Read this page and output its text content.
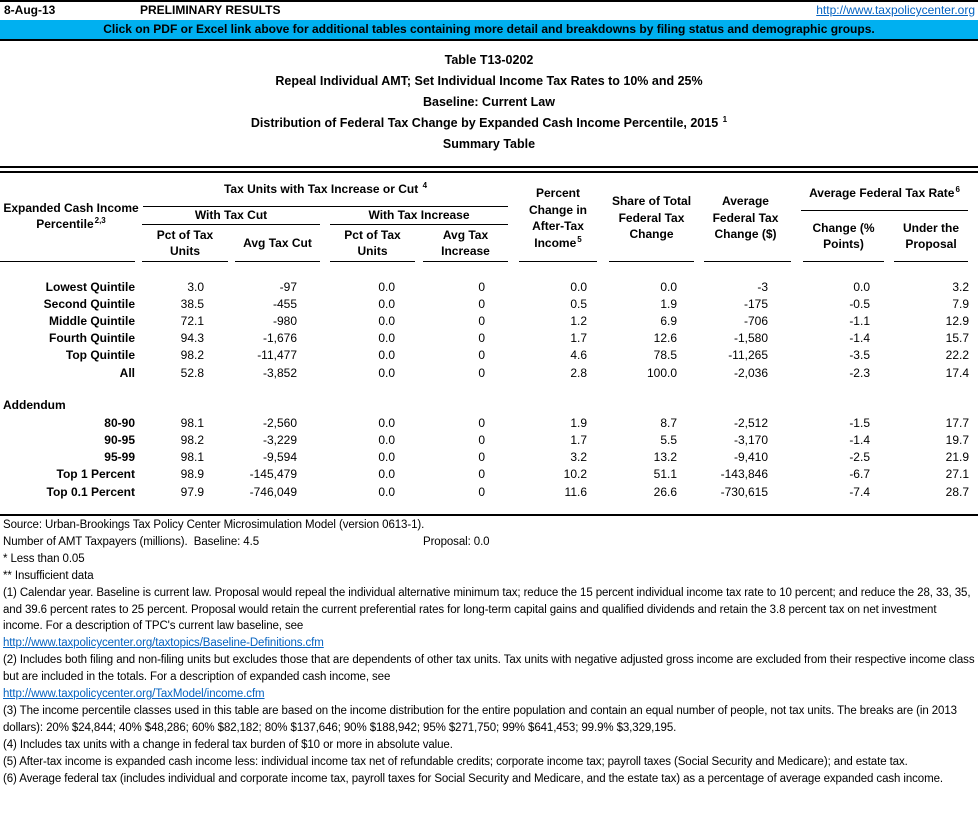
8-Aug-13	PRELIMINARY RESULTS	http://www.taxpolicycenter.org
Click on PDF or Excel link above for additional tables containing more detail and breakdowns by filing status and demographic groups.
Table T13-0202
Repeal Individual AMT; Set Individual Income Tax Rates to 10% and 25%
Baseline: Current Law
Distribution of Federal Tax Change by Expanded Cash Income Percentile, 2015 $^1$
Summary Table
Expanded Cash Income
Percentile$^{2,3}$
Tax Units with Tax Increase or Cut $^4$
With Tax Cut	With Tax Increase
Pct of Tax Units
Avg Tax Cut
Pct of Tax Units
Avg Tax Increase
Percent Change in After-Tax Income$^5$
Share of Total Federal Tax Change
Average Federal Tax Change ($)
Average Federal Tax Rate$^6$
Change (% Points)
Under the Proposal
Lowest Quintile	3.0	-97	0.0	0	0.0	0.0	-3	0.0	3.2
Second Quintile	38.5	-455	0.0	0	0.5	1.9	-175	-0.5	7.9
Middle Quintile	72.1	-980	0.0	0	1.2	6.9	-706	-1.1	12.9
Fourth Quintile	94.3	-1,676	0.0	0	1.7	12.6	-1,580	-1.4	15.7
Top Quintile	98.2	-11,477	0.0	0	4.6	78.5	-11,265	-3.5	22.2
All	52.8	-3,852	0.0	0	2.8	100.0	-2,036	-2.3	17.4
Addendum
80-90	98.1	-2,560	0.0	0	1.9	8.7	-2,512	-1.5	17.7
90-95	98.2	-3,229	0.0	0	1.7	5.5	-3,170	-1.4	19.7
95-99	98.1	-9,594	0.0	0	3.2	13.2	-9,410	-2.5	21.9
Top 1 Percent	98.9	-145,479	0.0	0	10.2	51.1	-143,846	-6.7	27.1
Top 0.1 Percent	97.9	-746,049	0.0	0	11.6	26.6	-730,615	-7.4	28.7
Source: Urban-Brookings Tax Policy Center Microsimulation Model (version 0613-1).
Number of AMT Taxpayers (millions).  Baseline: 4.5	Proposal: 0.0
* Less than 0.05
** Insufficient data
(1) Calendar year. Baseline is current law. Proposal would repeal the individual alternative minimum tax; reduce the 15 percent individual income tax rate to 10 percent; and reduce the 28, 33, 35, and 39.6 percent rates to 25 percent. Proposal would retain the current preferential rates for long-term capital gains and qualified dividends and retain the 3.8 percent tax on net investment income. For a description of TPC's current law baseline, see
http://www.taxpolicycenter.org/taxtopics/Baseline-Definitions.cfm
(2) Includes both filing and non-filing units but excludes those that are dependents of other tax units. Tax units with negative adjusted gross income are excluded from their respective income class but are included in the totals. For a description of expanded cash income, see
http://www.taxpolicycenter.org/TaxModel/income.cfm
(3) The income percentile classes used in this table are based on the income distribution for the entire population and contain an equal number of people, not tax units. The breaks are (in 2013 dollars): 20% $24,844; 40% $48,286; 60% $82,182; 80% $137,646; 90% $188,942; 95% $271,750; 99% $641,453; 99.9% $3,329,195.
(4) Includes tax units with a change in federal tax burden of $10 or more in absolute value.
(5) After-tax income is expanded cash income less: individual income tax net of refundable credits; corporate income tax; payroll taxes (Social Security and Medicare); and estate tax.
(6) Average federal tax (includes individual and corporate income tax, payroll taxes for Social Security and Medicare, and the estate tax) as a percentage of average expanded cash income.
